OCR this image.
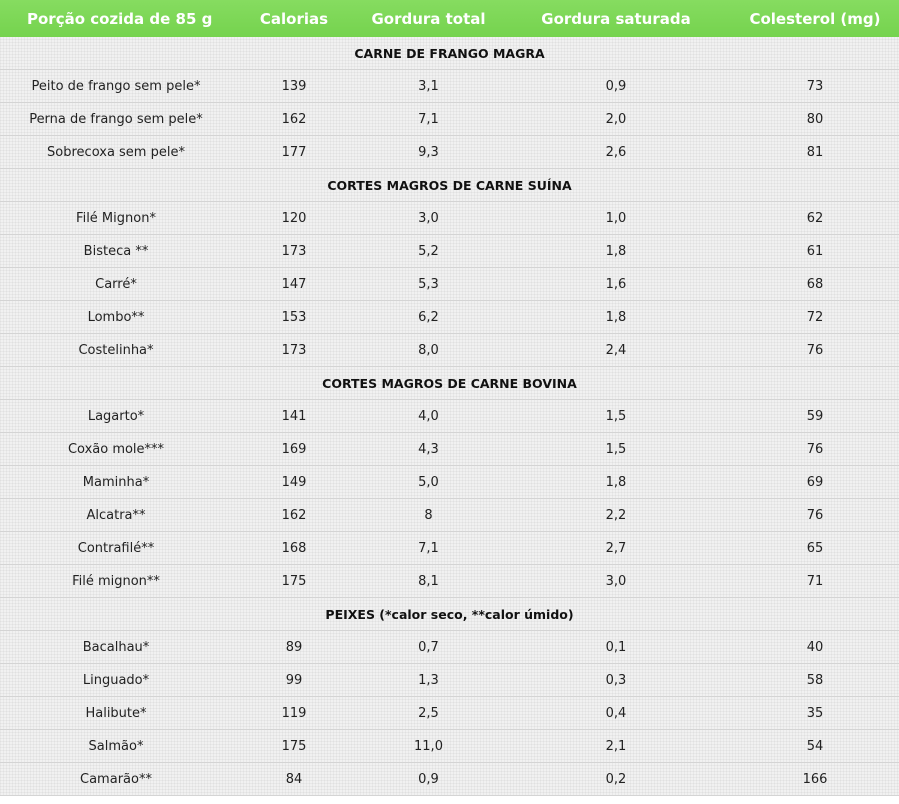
Porção cozida de 85 g	Calorias	Gordura total	Gordura saturada	Colesterol (mg)
CARNE DE FRANGO MAGRA
Peito de frango sem pele*	139	3,1	0,9	73
Perna de frango sem pele*	162	7,1	2,0	80
Sobrecoxa sem pele*	177	9,3	2,6	81
CORTES MAGROS DE CARNE SUÍNA
Filé Mignon*	120	3,0	1,0	62
Bisteca **	173	5,2	1,8	61
Carré*	147	5,3	1,6	68
Lombo**	153	6,2	1,8	72
Costelinha*	173	8,0	2,4	76
CORTES MAGROS DE CARNE BOVINA
Lagarto*	141	4,0	1,5	59
Coxão mole***	169	4,3	1,5	76
Maminha*	149	5,0	1,8	69
Alcatra**	162	8	2,2	76
Contrafilé**	168	7,1	2,7	65
Filé mignon**	175	8,1	3,0	71
PEIXES (*calor seco, **calor úmido)
Bacalhau*	89	0,7	0,1	40
Linguado*	99	1,3	0,3	58
Halibute*	119	2,5	0,4	35
Salmão*	175	11,0	2,1	54
Camarão**	84	0,9	0,2	166
